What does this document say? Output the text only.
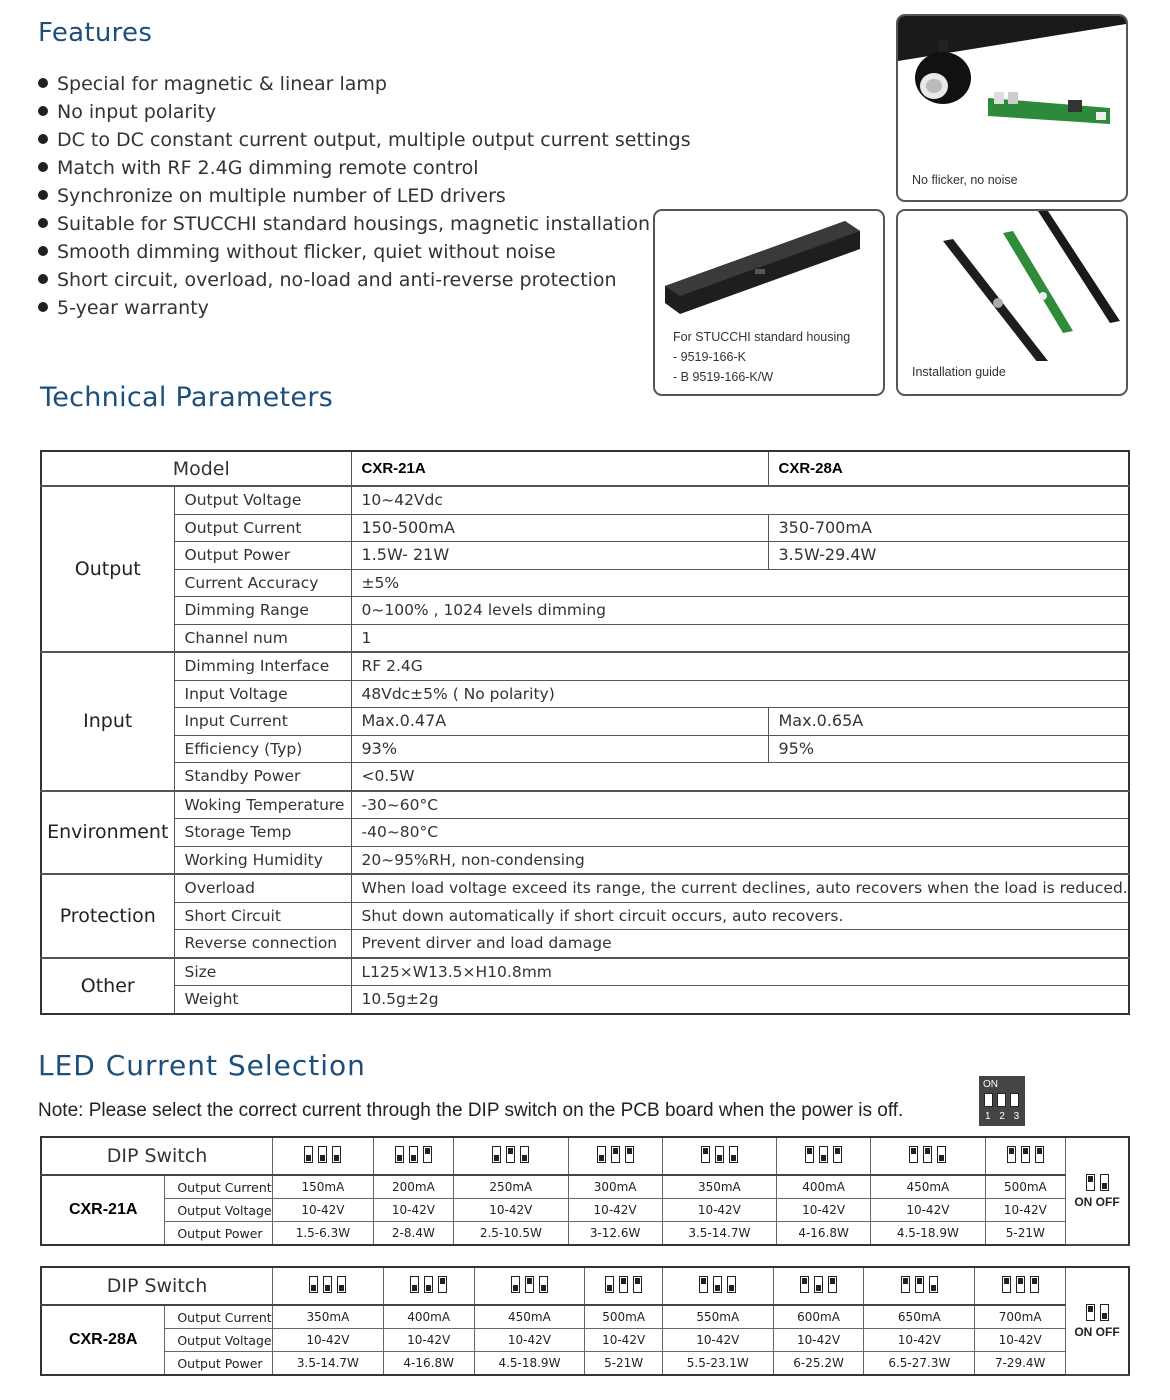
Features
Special for magnetic & linear lamp
No input polarity
DC to DC constant current output, multiple output current settings
Match with RF 2.4G dimming remote control
Synchronize on multiple number of LED drivers
Suitable for STUCCHI standard housings, magnetic installation
Smooth dimming without flicker, quiet without noise
Short circuit, overload, no-load and anti-reverse protection
5-year warranty
No flicker, no noise
For STUCCHI standard housing
- 9519-166-K
- B 9519-166-K/W	Installation guide
Technical Parameters
Model		CXR-21A	CXR-28A
Output	Output Voltage	10~42Vdc	
	Output Current	150-500mA	350-700mA
	Output Power	1.5W- 21W	3.5W-29.4W
	Current Accuracy	±5%	
	Dimming Range	0~100% , 1024 levels dimming	
	Channel num	1	
Input	Dimming Interface	RF 2.4G	
	Input Voltage	48Vdc±5% ( No polarity)	
	Input Current	Max.0.47A	Max.0.65A
	Efficiency (Typ)	93%	95%
	Standby Power	<0.5W	
Environment	Woking Temperature	-30~60°C	
	Storage Temp	-40~80°C	
	Working Humidity	20~95%RH, non-condensing	
Protection	Overload	When load voltage exceed its range, the current declines, auto recovers when the load is reduced.	
	Short Circuit	Shut down automatically if short circuit occurs, auto recovers.	
	Reverse connection	Prevent dirver and load damage	
Other	Size	L125×W13.5×H10.8mm	
	Weight	10.5g±2g	
LED Current Selection
Note: Please select the correct current through the DIP switch on the PCB board when the power is off.
ON
1 2 3
DIP Switch										ON OFF

CXR-21A	Output Current	150mA	200mA	250mA	300mA	350mA	400mA	450mA	500mA	
	Output Voltage	10-42V	10-42V	10-42V	10-42V	10-42V	10-42V	10-42V	10-42V	
	Output Power	1.5-6.3W	2-8.4W	2.5-10.5W	3-12.6W	3.5-14.7W	4-16.8W	4.5-18.9W	5-21W	
DIP Switch										ON OFF

CXR-28A	Output Current	350mA	400mA	450mA	500mA	550mA	600mA	650mA	700mA	
	Output Voltage	10-42V	10-42V	10-42V	10-42V	10-42V	10-42V	10-42V	10-42V	
	Output Power	3.5-14.7W	4-16.8W	4.5-18.9W	5-21W	5.5-23.1W	6-25.2W	6.5-27.3W	7-29.4W	
